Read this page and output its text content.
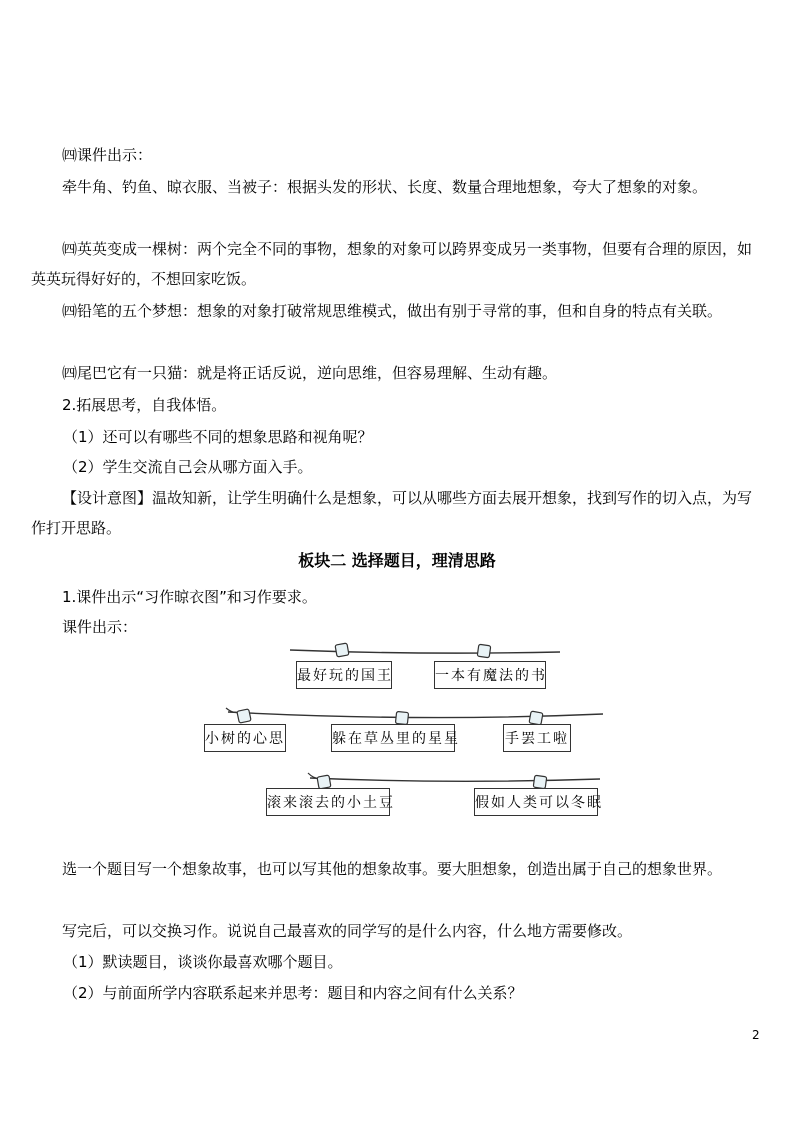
㈣课件出示：

牵牛角、钓鱼、晾衣服、当被子：根据头发的形状、长度、数量合理地想象，夸大了想象的对象。

㈣英英变成一棵树：两个完全不同的事物，想象的对象可以跨界变成另一类事物，但要有合理的原因，如英英玩得好好的，不想回家吃饭。

㈣铅笔的五个梦想：想象的对象打破常规思维模式，做出有别于寻常的事，但和自身的特点有关联。

㈣尾巴它有一只猫：就是将正话反说，逆向思维，但容易理解、生动有趣。

2.拓展思考，自我体悟。

（1）还可以有哪些不同的想象思路和视角呢？

（2）学生交流自己会从哪方面入手。

【设计意图】温故知新，让学生明确什么是想象，可以从哪些方面去展开想象，找到写作的切入点，为写作打开思路。

板块二 选择题目，理清思路

1.课件出示“习作晾衣图”和习作要求。

课件出示：

最好玩的国王	一本有魔法的书
小树的心思	躲在草丛里的星星	手罢工啦
滚来滚去的小土豆	假如人类可以冬眠

选一个题目写一个想象故事，也可以写其他的想象故事。要大胆想象，创造出属于自己的想象世界。

写完后，可以交换习作。说说自己最喜欢的同学写的是什么内容，什么地方需要修改。

（1）默读题目，谈谈你最喜欢哪个题目。

（2）与前面所学内容联系起来并思考：题目和内容之间有什么关系？

2
